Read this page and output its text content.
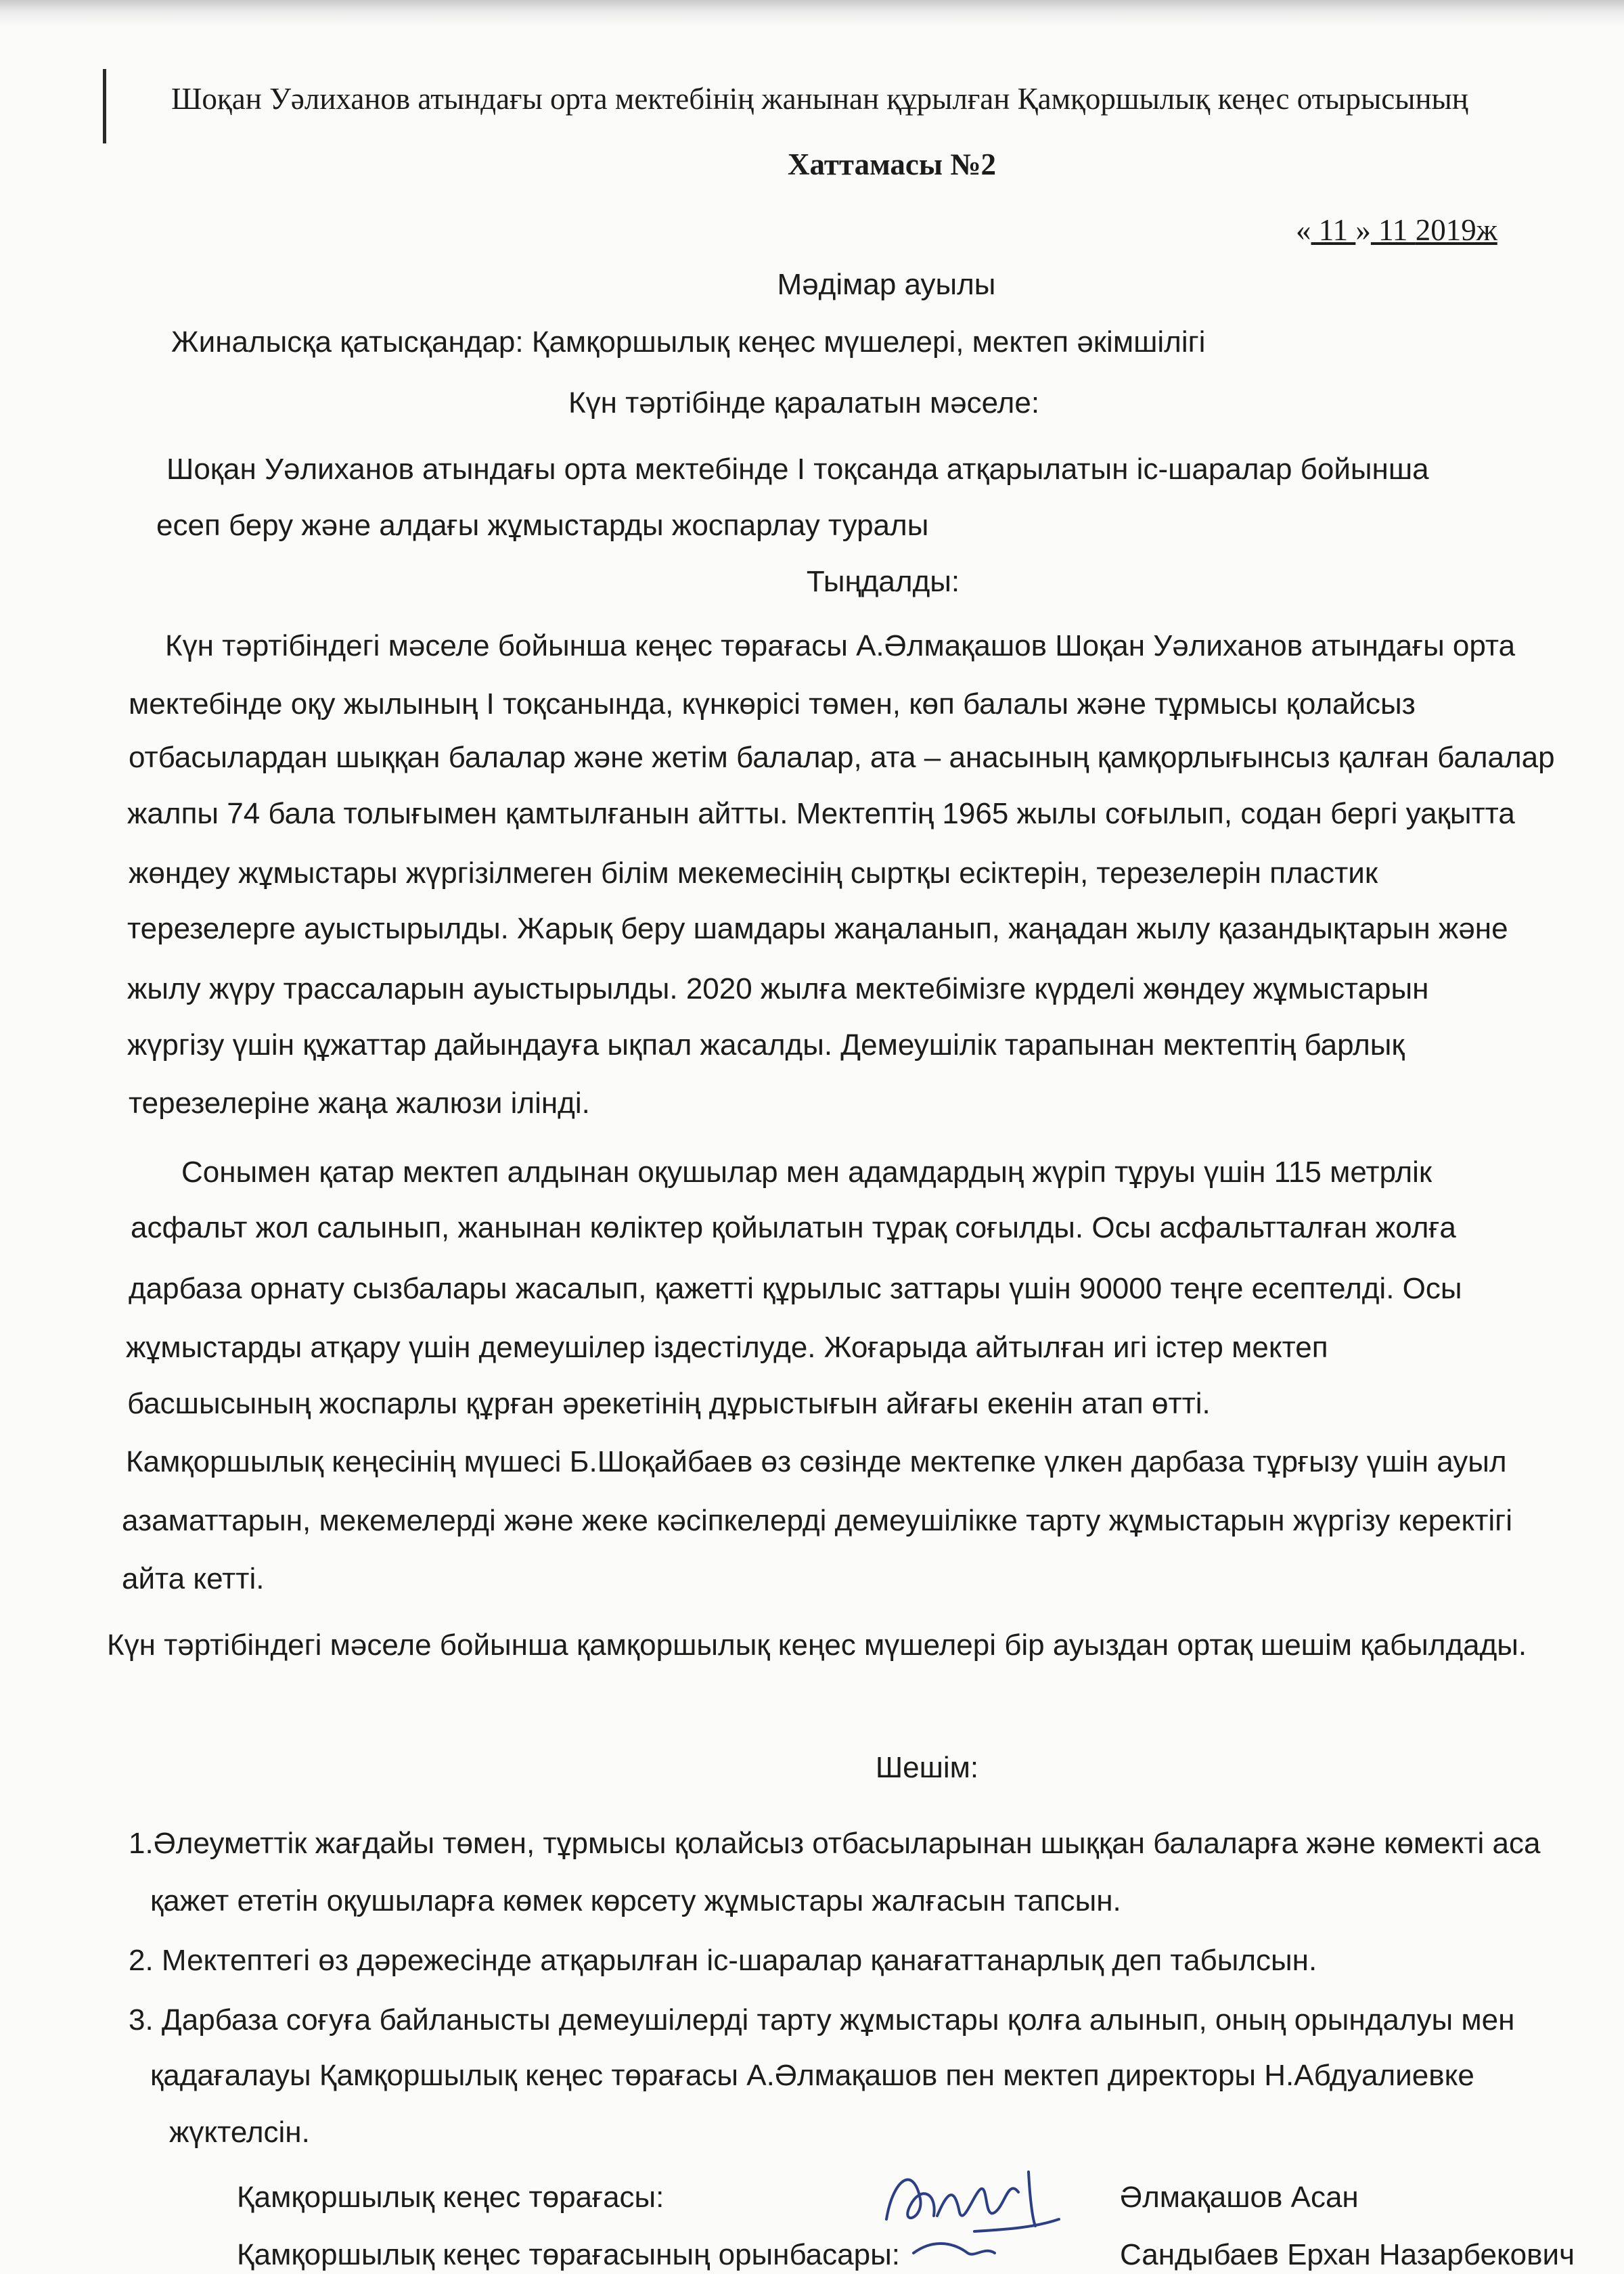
Шоқан Уәлиханов атындағы орта мектебінің жанынан құрылған Қамқоршылық кеңес отырысының
Хаттамасы №2
« 11 » 11 2019ж
Мәдімар ауылы
Жиналысқа қатысқандар: Қамқоршылық кеңес мүшелері, мектеп әкімшілігі
Күн тәртібінде қаралатын мәселе:
Шоқан Уәлиханов атындағы орта мектебінде І тоқсанда атқарылатын іс-шаралар бойынша
есеп беру және алдағы жұмыстарды жоспарлау туралы
Тыңдалды:
Күн тәртібіндегі мәселе бойынша кеңес төрағасы А.Әлмақашов Шоқан Уәлиханов атындағы орта
мектебінде оқу жылының І тоқсанында, күнкөрісі төмен, көп балалы және тұрмысы қолайсыз
отбасылардан шыққан балалар және жетім балалар, ата – анасының қамқорлығынсыз қалған балалар
жалпы 74 бала толығымен қамтылғанын айтты. Мектептің 1965 жылы соғылып, содан бергі уақытта
жөндеу жұмыстары жүргізілмеген білім мекемесінің сыртқы есіктерін, терезелерін пластик
терезелерге ауыстырылды. Жарық беру шамдары жаңаланып, жаңадан жылу қазандықтарын және
жылу жүру трассаларын ауыстырылды. 2020 жылға мектебімізге күрделі жөндеу жұмыстарын
жүргізу үшін құжаттар дайындауға ықпал жасалды. Демеушілік тарапынан мектептің барлық
терезелеріне жаңа жалюзи ілінді.
Сонымен қатар мектеп алдынан оқушылар мен адамдардың жүріп тұруы үшін 115 метрлік
асфальт жол салынып, жанынан көліктер қойылатын тұрақ соғылды. Осы асфальтталған жолға
дарбаза орнату сызбалары жасалып, қажетті құрылыс заттары үшін 90000 теңге есептелді. Осы
жұмыстарды атқару үшін демеушілер іздестілуде. Жоғарыда айтылған игі істер мектеп
басшысының жоспарлы құрған әрекетінің дұрыстығын айғағы екенін атап өтті.
Камқоршылық кеңесінің мүшесі Б.Шоқайбаев өз сөзінде мектепке үлкен дарбаза тұрғызу үшін ауыл
азаматтарын, мекемелерді және жеке кәсіпкелерді демеушілікке тарту жұмыстарын жүргізу керектігі
айта кетті.
Күн тәртібіндегі мәселе бойынша қамқоршылық кеңес мүшелері бір ауыздан ортақ шешім қабылдады.
Шешім:
1.Әлеуметтік жағдайы төмен, тұрмысы қолайсыз отбасыларынан шыққан балаларға және көмекті аса
қажет ететін оқушыларға көмек көрсету жұмыстары жалғасын тапсын.
2. Мектептегі өз дәрежесінде атқарылған іс-шаралар қанағаттанарлық деп табылсын.
3. Дарбаза соғуға байланысты демеушілерді тарту жұмыстары қолға алынып, оның орындалуы мен
қадағалауы Қамқоршылық кеңес төрағасы А.Әлмақашов пен мектеп директоры Н.Абдуалиевке
жүктелсін.
Қамқоршылық кеңес төрағасы:	Әлмақашов Асан
Қамқоршылық кеңес төрағасының орынбасары:	Сандыбаев Ерхан Назарбекович
